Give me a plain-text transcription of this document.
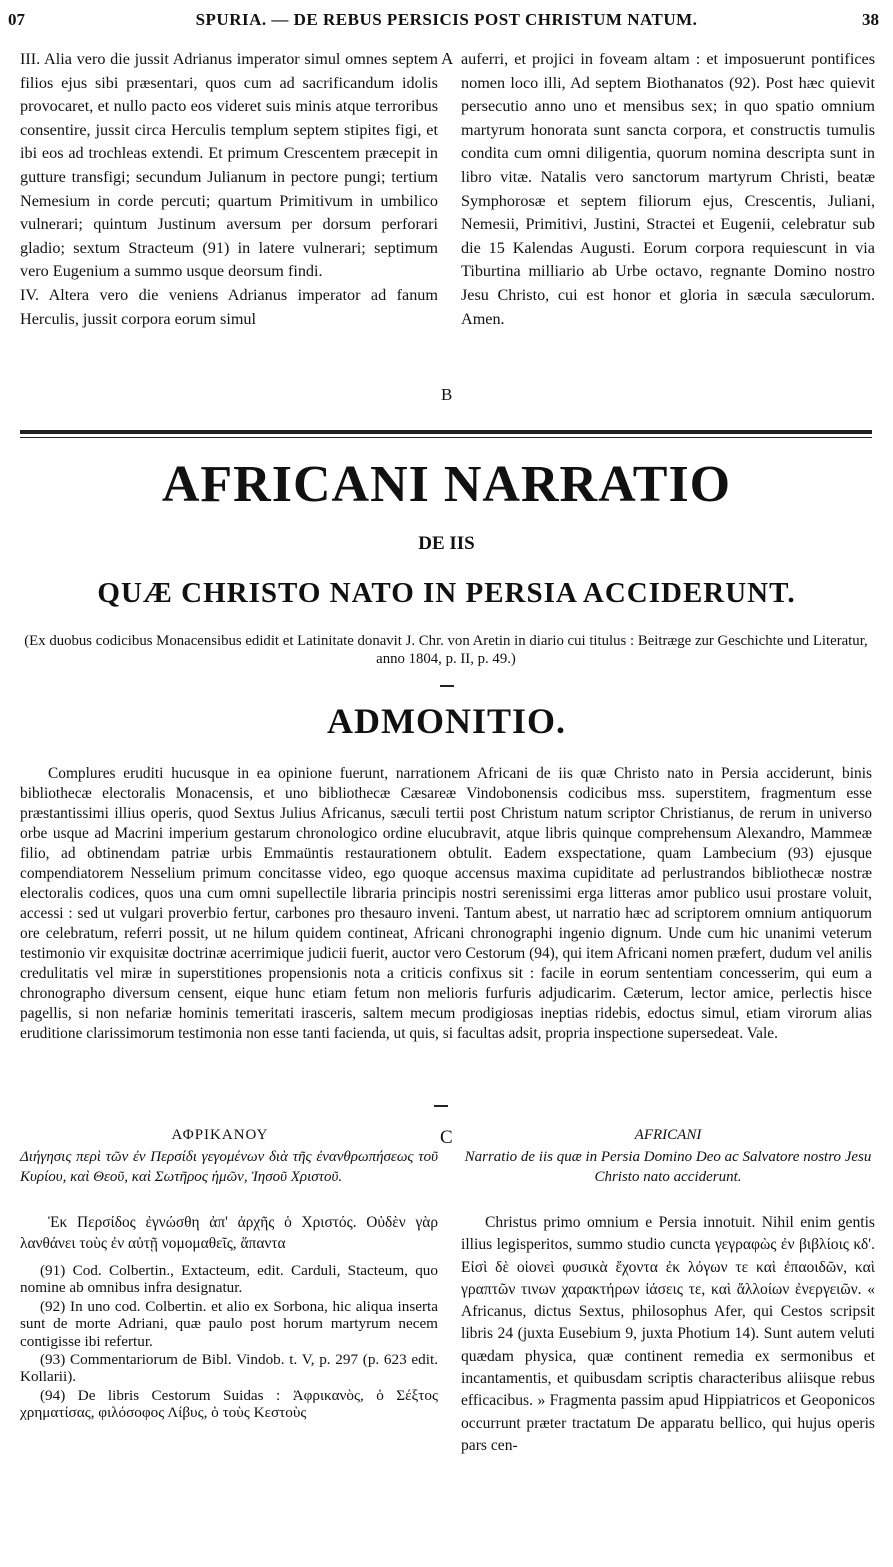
07	SPURIA. — DE REBUS PERSICIS POST CHRISTUM NATUM.	38

III. Alia vero die jussit Adrianus imperator simul omnes septem filios ejus sibi præsentari, quos cum ad sacrificandum idolis provocaret, et nullo pacto eos videret suis minis atque terroribus consentire, jussit circa Herculis templum septem stipites figi, et ibi eos ad trochleas extendi. Et primum Crescentem præcepit in gutture transfigi; secundum Julianum in pectore pungi; tertium Nemesium in corde percuti; quartum Primitivum in umbilico vulnerari; quintum Justinum aversum per dorsum perforari gladio; sextum Stracteum (91) in latere vulnerari; septimum vero Eugenium a summo usque deorsum findi.

IV. Altera vero die veniens Adrianus imperator ad fanum Herculis, jussit corpora eorum simul

A
B

auferri, et projici in foveam altam : et imposuerunt pontifices nomen loco illi, Ad septem Biothanatos (92). Post hæc quievit persecutio anno uno et mensibus sex; in quo spatio omnium martyrum honorata sunt sancta corpora, et constructis tumulis condita cum omni diligentia, quorum nomina descripta sunt in libro vitæ. Natalis vero sanctorum martyrum Christi, beatæ Symphorosæ et septem filiorum ejus, Crescentis, Juliani, Nemesii, Primitivi, Justini, Stractei et Eugenii, celebratur sub die 15 Kalendas Augusti. Eorum corpora requiescunt in via Tiburtina milliario ab Urbe octavo, regnante Domino nostro Jesu Christo, cui est honor et gloria in sæcula sæculorum. Amen.

AFRICANI NARRATIO
DE IIS
QUÆ CHRISTO NATO IN PERSIA ACCIDERUNT.
(Ex duobus codicibus Monacensibus edidit et Latinitate donavit J. Chr. von Aretin in diario cui titulus : Beitræge zur Geschichte und Literatur, anno 1804, p. II, p. 49.)
ADMONITIO.

Complures eruditi hucusque in ea opinione fuerunt, narrationem Africani de iis quæ Christo nato in Persia acciderunt, binis bibliothecæ electoralis Monacensis, et uno bibliothecæ Cæsareæ Vindobonensis codicibus mss. superstitem, fragmentum esse præstantissimi illius operis, quod Sextus Julius Africanus, sæculi tertii post Christum natum scriptor Christianus, de rerum in universo orbe usque ad Macrini imperium gestarum chronologico ordine elucubravit, atque libris quinque comprehensum Alexandro, Mammeæ filio, ad obtinendam patriæ urbis Emmaüntis restaurationem obtulit. Eadem exspectatione, quam Lambecium (93) ejusque compendiatorem Nesselium primum concitasse video, ego quoque accensus maxima cupiditate ad perlustrandos bibliothecæ nostræ electoralis codices, quos una cum omni supellectile libraria principis nostri serenissimi erga litteras amor publico usui prostare voluit, accessi : sed ut vulgari proverbio fertur, carbones pro thesauro inveni. Tantum abest, ut narratio hæc ad scriptorem omnium antiquorum ore celebratum, referri possit, ut ne hilum quidem contineat, Africani chronographi ingenio dignum. Unde cum hic unanimi veterum testimonio vir exquisitæ doctrinæ acerrimique judicii fuerit, auctor vero Cestorum (94), qui item Africani nomen præfert, dudum vel anilis credulitatis vel miræ in superstitiones propensionis nota a criticis confixus sit : facile in eorum sententiam concesserim, qui eum a chronographo diversum censent, eique hunc etiam fetum non melioris furfuris adjudicarim. Cæterum, lector amice, perlectis hisce pagellis, si non nefariæ hominis temeritati irasceris, saltem mecum prodigiosas ineptias ridebis, edoctus simul, etiam virorum alias eruditione clarissimorum testimonia non esse tanti facienda, ut quis, si facultas adsit, propria inspectione supersedeat. Vale.

ΑΦΡΙΚΑΝΟΥ

Διήγησις περὶ τῶν ἐν Περσίδι γεγομένων διὰ τῆς ἐνανθρωπήσεως τοῦ Κυρίου, καὶ Θεοῦ, καὶ Σωτῆρος ἡμῶν, Ἰησοῦ Χριστοῦ.

C	AFRICANI

Narratio de iis quæ in Persia Domino Deo ac Salvatore nostro Jesu Christo nato acciderunt.

Ἐκ Περσίδος ἐγνώσθη ἀπ' ἀρχῆς ὁ Χριστός. Οὐδὲν γὰρ λανθάνει τοὺς ἐν αὐτῇ νομομαθεῖς, ἅπαντα

(91) Cod. Colbertin., Extacteum, edit. Carduli, Stacteum, quo nomine ab omnibus infra designatur.

(92) In uno cod. Colbertin. et alio ex Sorbona, hic aliqua inserta sunt de morte Adriani, quæ paulo post horum martyrum necem contigisse ibi refertur.

(93) Commentariorum de Bibl. Vindob. t. V, p. 297 (p. 623 edit. Kollarii).

(94) De libris Cestorum Suidas : Ἀφρικανὸς, ὁ Σέξτος χρηματίσας, φιλόσοφος Λίβυς, ὁ τοὺς Κεστοὺς

Christus primo omnium e Persia innotuit. Nihil enim gentis illius legisperitos, summo studio cuncta γεγραφὼς ἐν βιβλίοις κδ'. Εἰσὶ δὲ οἱονεὶ φυσικὰ ἔχοντα ἐκ λόγων τε καὶ ἐπαοιδῶν, καὶ γραπτῶν τινων χαρακτήρων ἰάσεις τε, καὶ ἄλλοίων ἐνεργειῶν. « Africanus, dictus Sextus, philosophus Afer, qui Cestos scripsit libris 24 (juxta Eusebium 9, juxta Photium 14). Sunt autem veluti quædam physica, quæ continent remedia ex sermonibus et incantamentis, et quibusdam scriptis characteribus aliisque rebus efficacibus. » Fragmenta passim apud Hippiatricos et Geoponicos occurrunt præter tractatum De apparatu bellico, qui hujus operis pars cen-
